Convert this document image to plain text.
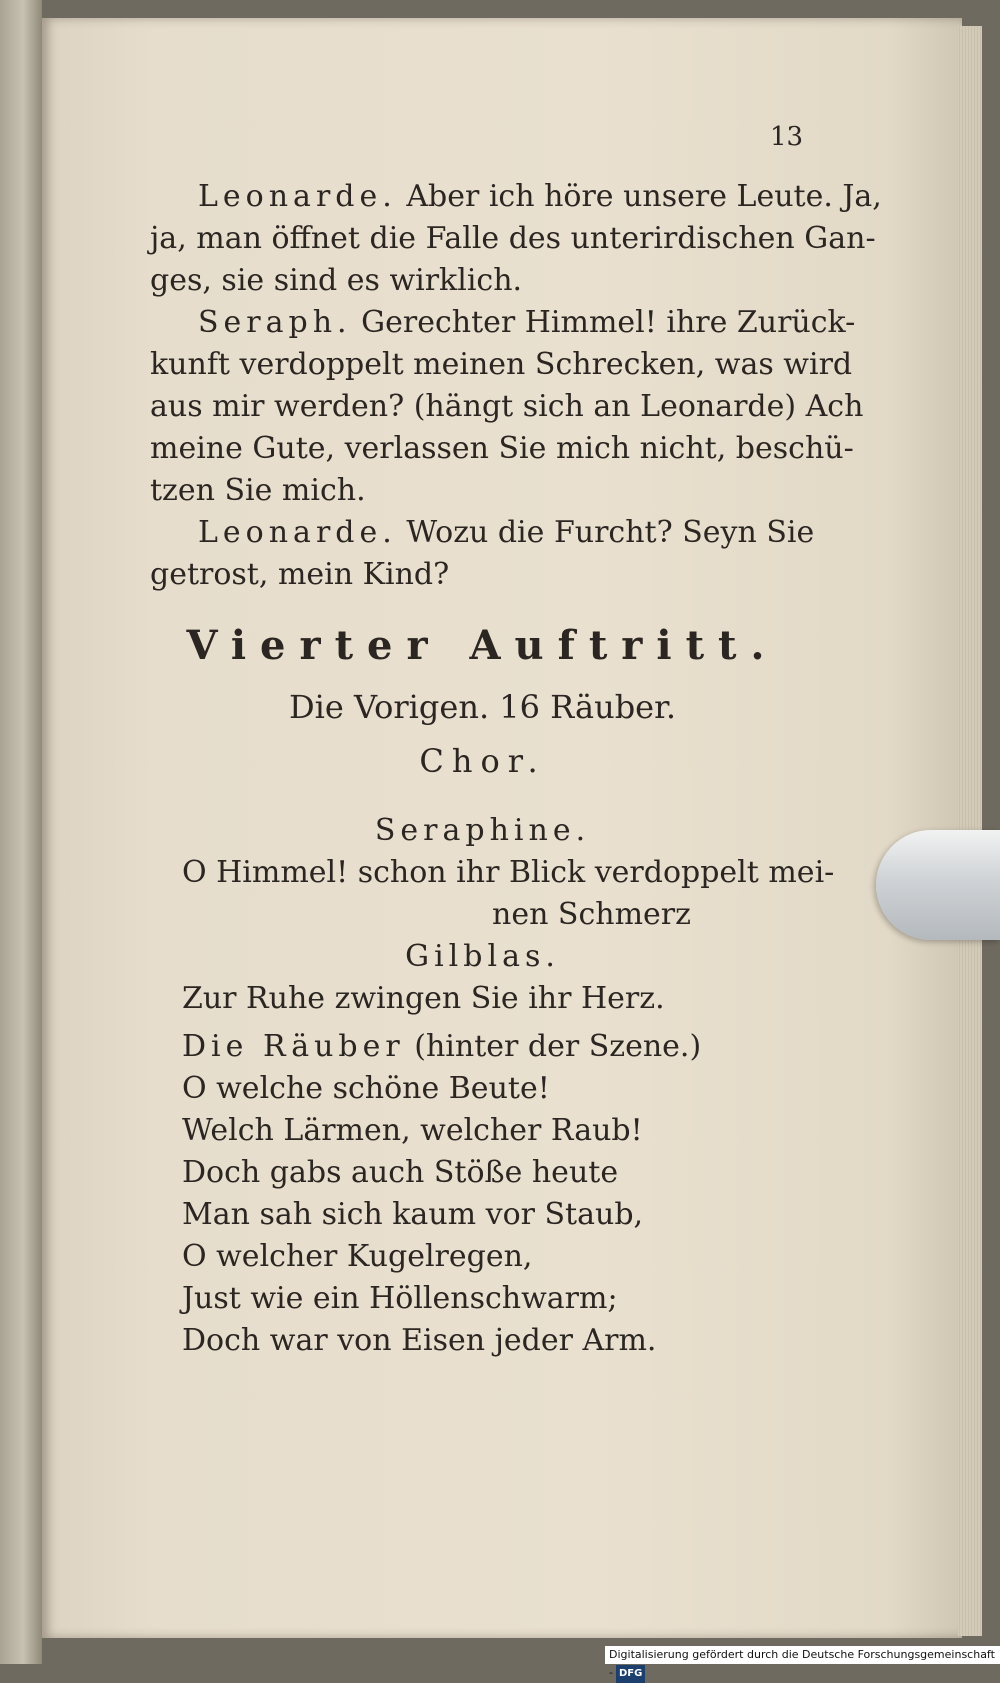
13
Leonarde. Aber ich höre unsere Leute. Ja,
ja, man öffnet die Falle des unterirdischen Gan-
ges, sie sind es wirklich.
Seraph. Gerechter Himmel! ihre Zurück-
kunft verdoppelt meinen Schrecken, was wird
aus mir werden? (hängt sich an Leonarde) Ach
meine Gute, verlassen Sie mich nicht, beschü-
tzen Sie mich.
Leonarde. Wozu die Furcht? Seyn Sie
getrost, mein Kind?
Vierter Auftritt.
Die Vorigen. 16 Räuber.
Chor.
Seraphine.
O Himmel! schon ihr Blick verdoppelt mei-
nen Schmerz
Gilblas.
Zur Ruhe zwingen Sie ihr Herz.
Die Räuber (hinter der Szene.)
O welche schöne Beute!
Welch Lärmen, welcher Raub!
Doch gabs auch Stöße heute
Man sah sich kaum vor Staub,
O welcher Kugelregen,
Just wie ein Höllenschwarm;
Doch war von Eisen jeder Arm.
Digitalisierung gefördert durch die Deutsche Forschungsgemeinschaft - DFG
